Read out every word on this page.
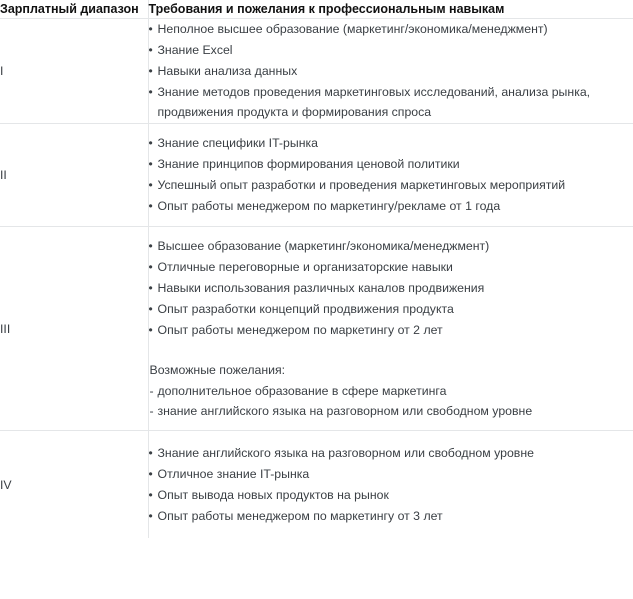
Зарплатный диапазон	Требования и пожелания к профессиональным навыкам
I	
• Неполное высшее образование (маркетинг/экономика/менеджмент)
• Знание Excel
• Навыки анализа данных
• Знание методов проведения маркетинговых исследований, анализа рынка, продвижения продукта и формирования спроса

II	
• Знание специфики IT-рынка
• Знание принципов формирования ценовой политики
• Успешный опыт разработки и проведения маркетинговых мероприятий
• Опыт работы менеджером по маркетингу/рекламе от 1 года

III	
• Высшее образование (маркетинг/экономика/менеджмент)
• Отличные переговорные и организаторские навыки
• Навыки использования различных каналов продвижения
• Опыт разработки концепций продвижения продукта
• Опыт работы менеджером по маркетингу от 2 лет

Возможные пожелания:

- дополнительное образование в сфере маркетинга
- знание английского языка на разговорном или свободном уровне

IV	
• Знание английского языка на разговорном или свободном уровне
• Отличное знание IT-рынка
• Опыт вывода новых продуктов на рынок
• Опыт работы менеджером по маркетингу от 3 лет
